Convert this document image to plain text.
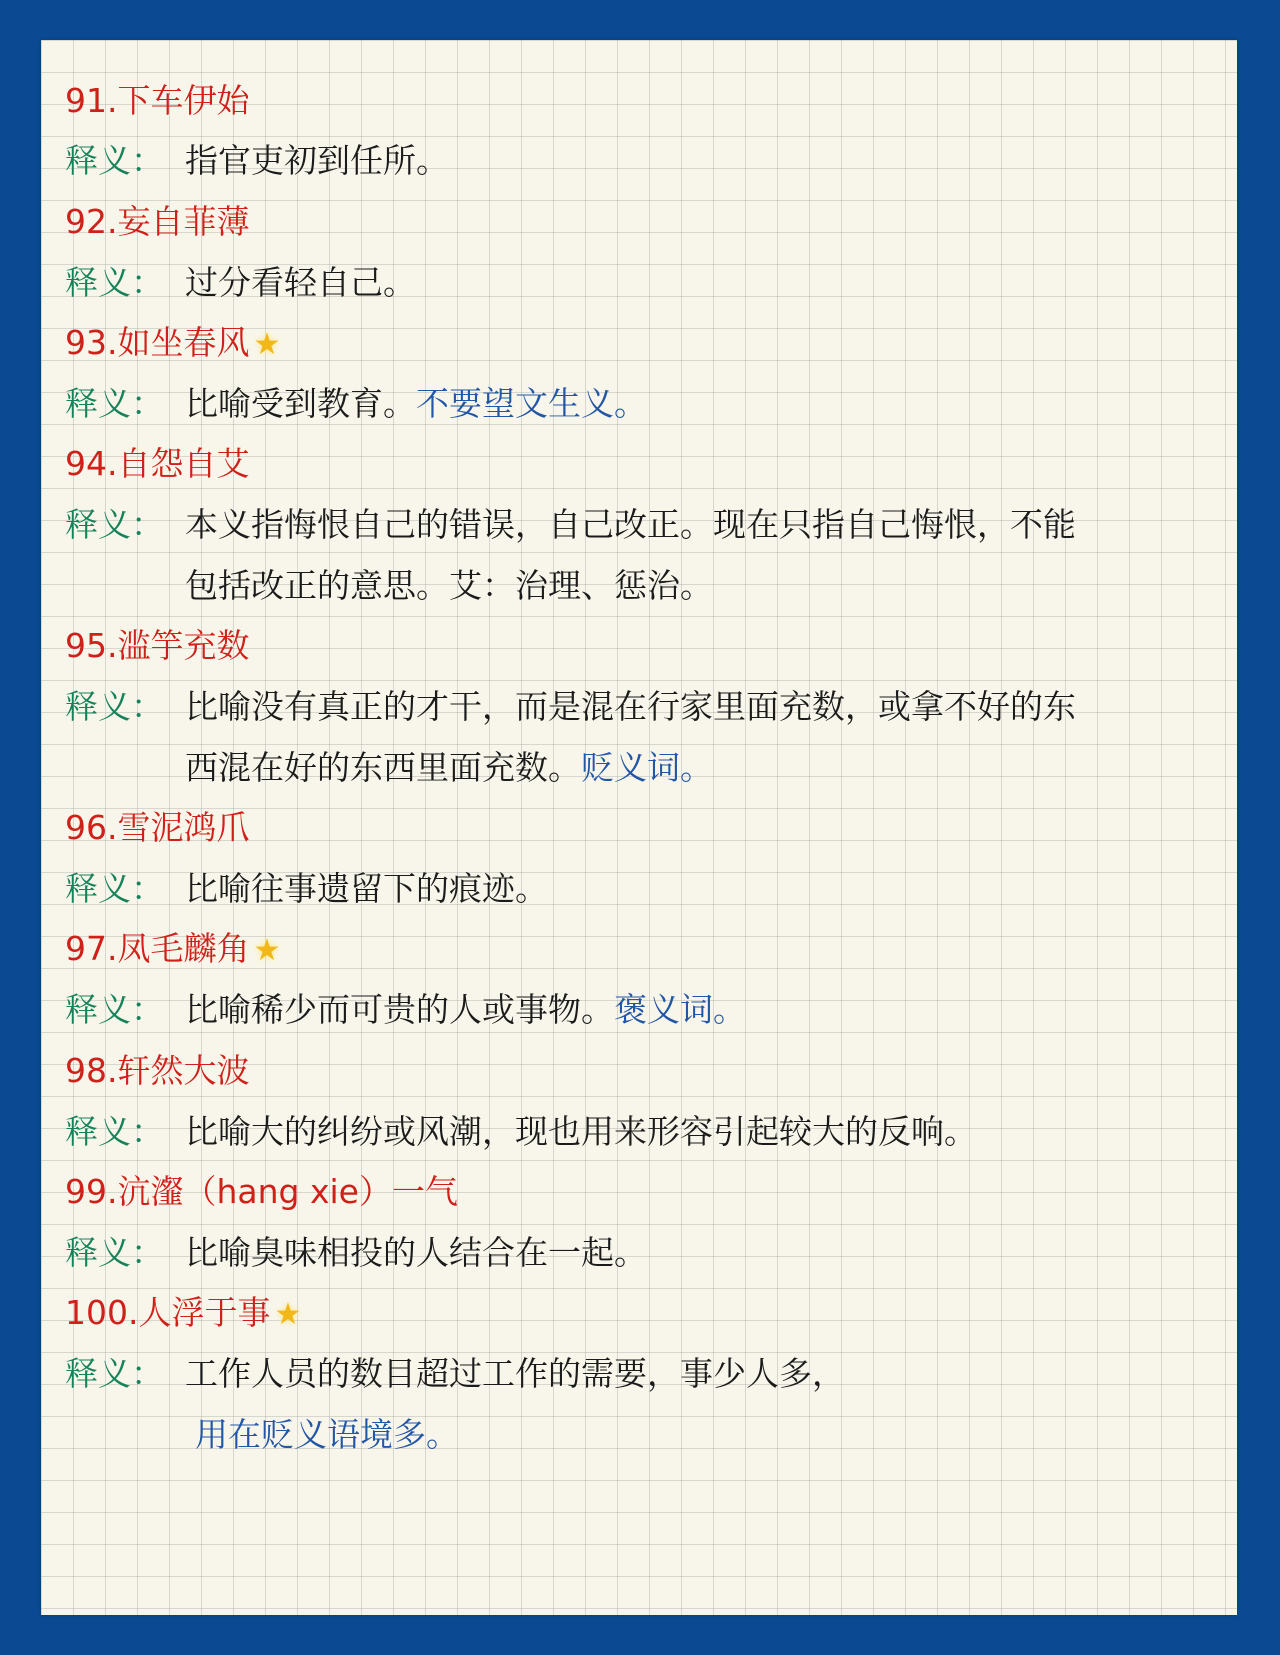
91.下车伊始
释义： 指官吏初到任所。
92.妄自菲薄
释义： 过分看轻自己。
93.如坐春风 ★
释义： 比喻受到教育。不要望文生义。
94.自怨自艾
释义： 本义指悔恨自己的错误，自己改正。现在只指自己悔恨，不能
包括改正的意思。艾：治理、惩治。
95.滥竽充数
释义： 比喻没有真正的才干，而是混在行家里面充数，或拿不好的东
西混在好的东西里面充数。贬义词。
96.雪泥鸿爪
释义： 比喻往事遗留下的痕迹。
97.凤毛麟角 ★
释义： 比喻稀少而可贵的人或事物。褒义词。
98.轩然大波
释义： 比喻大的纠纷或风潮，现也用来形容引起较大的反响。
99.沆瀣（hang xie）一气
释义： 比喻臭味相投的人结合在一起。
100.人浮于事 ★
释义： 工作人员的数目超过工作的需要，事少人多，
用在贬义语境多。
